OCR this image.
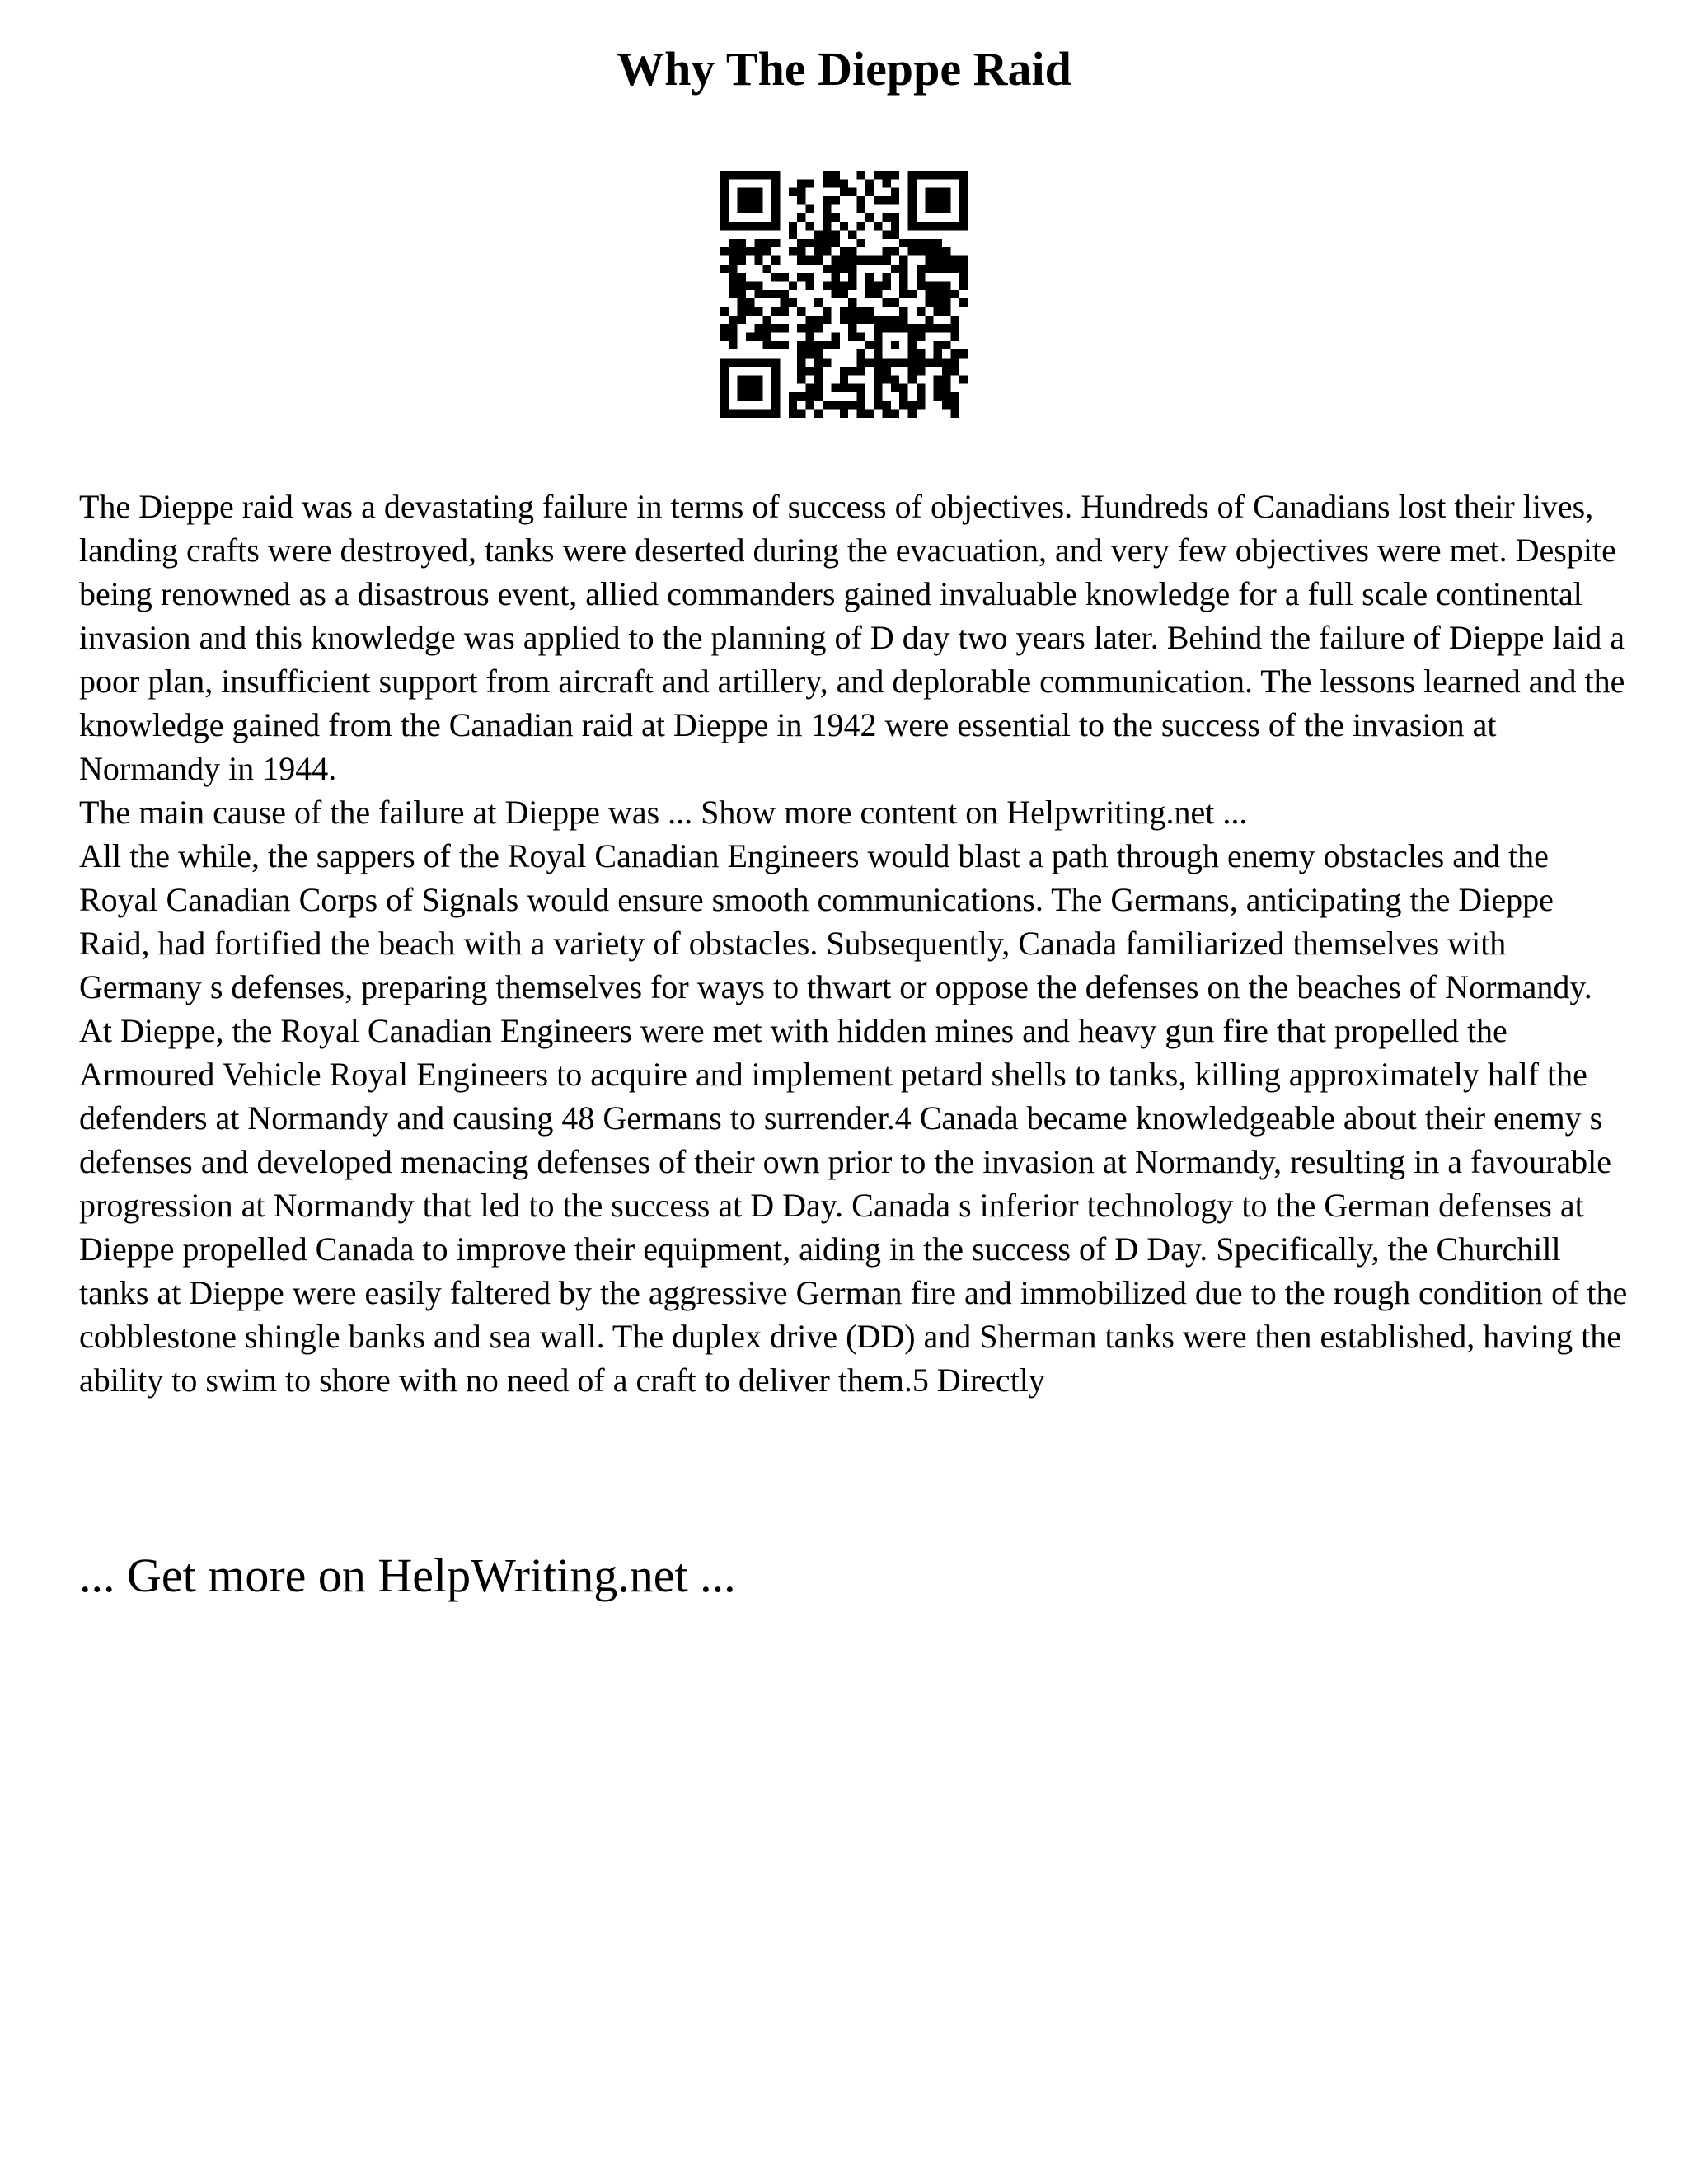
Why The Dieppe Raid

The Dieppe raid was a devastating failure in terms of success of objectives. Hundreds of Canadians lost their lives, landing crafts were destroyed, tanks were deserted during the evacuation, and very few objectives were met. Despite being renowned as a disastrous event, allied commanders gained invaluable knowledge for a full scale continental invasion and this knowledge was applied to the planning of D day two years later. Behind the failure of Dieppe laid a poor plan, insufficient support from aircraft and artillery, and deplorable communication. The lessons learned and the knowledge gained from the Canadian raid at Dieppe in 1942 were essential to the success of the invasion at Normandy in 1944.

The main cause of the failure at Dieppe was ... Show more content on Helpwriting.net ...

All the while, the sappers of the Royal Canadian Engineers would blast a path through enemy obstacles and the Royal Canadian Corps of Signals would ensure smooth communications. The Germans, anticipating the Dieppe Raid, had fortified the beach with a variety of obstacles. Subsequently, Canada familiarized themselves with Germany s defenses, preparing themselves for ways to thwart or oppose the defenses on the beaches of Normandy. At Dieppe, the Royal Canadian Engineers were met with hidden mines and heavy gun fire that propelled the Armoured Vehicle Royal Engineers to acquire and implement petard shells to tanks, killing approximately half the defenders at Normandy and causing 48 Germans to surrender.4 Canada became knowledgeable about their enemy s defenses and developed menacing defenses of their own prior to the invasion at Normandy, resulting in a favourable progression at Normandy that led to the success at D Day. Canada s inferior technology to the German defenses at Dieppe propelled Canada to improve their equipment, aiding in the success of D Day. Specifically, the Churchill tanks at Dieppe were easily faltered by the aggressive German fire and immobilized due to the rough condition of the cobblestone shingle banks and sea wall. The duplex drive (DD) and Sherman tanks were then established, having the ability to swim to shore with no need of a craft to deliver them.5 Directly

... Get more on HelpWriting.net ...
